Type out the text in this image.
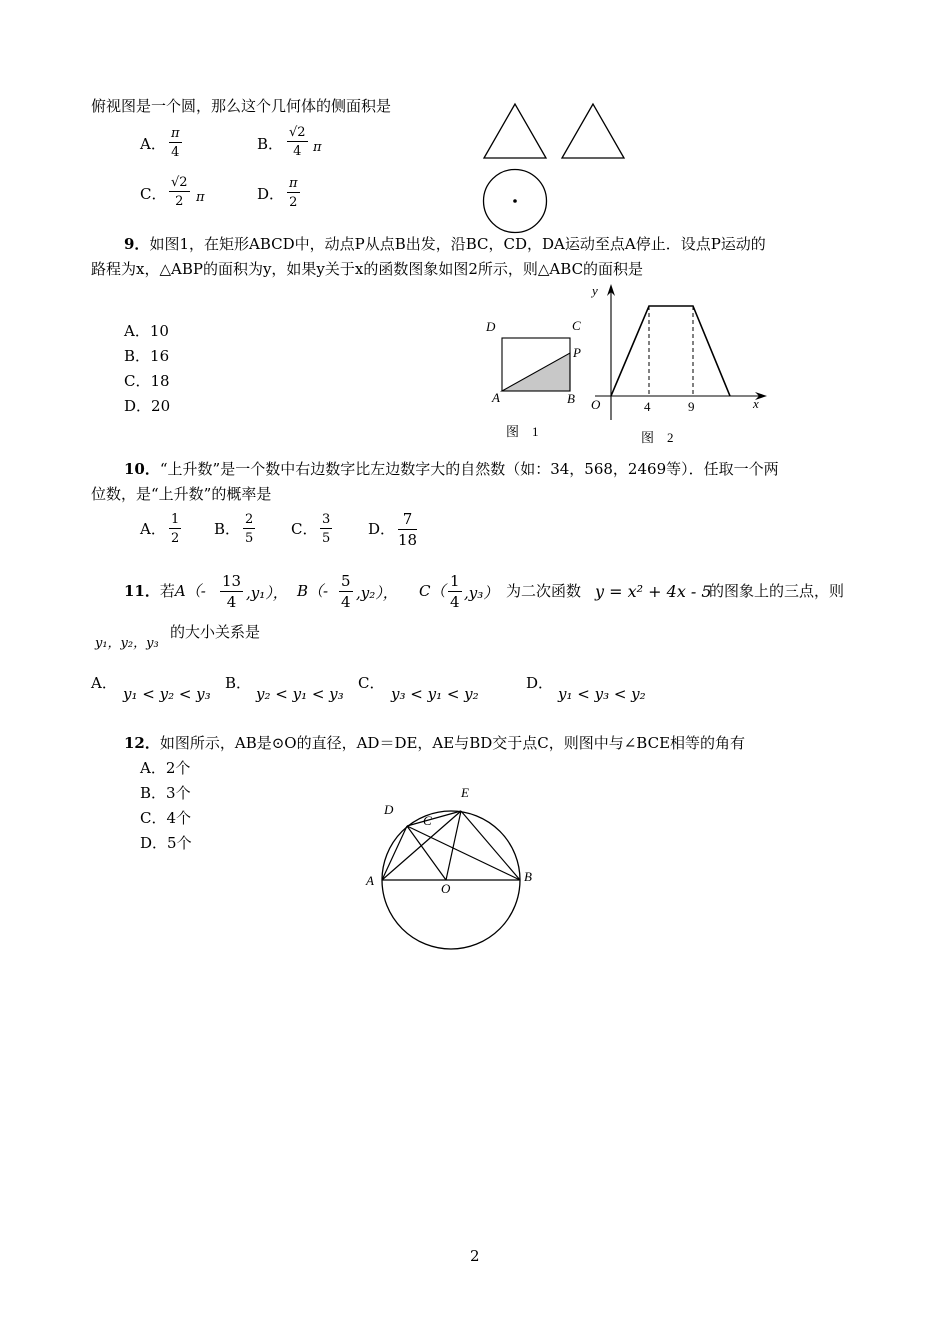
俯视图是一个圆，那么这个几何体的侧面积是
A． $\frac{\pi}{4}$	B． $\frac{√2}{4}$ π
C． $\frac{√2}{2}$ π	D． $\frac{\pi}{2}$
9．如图1，在矩形ABCD中，动点P从点B出发，沿BC，CD，DA运动至点A停止．设点P运动的
路程为x，△ABP的面积为y，如果y关于x的函数图象如图2所示，则△ABC的面积是
A．10
B．16
C．18
D．20
D	C
P
A	B
图　1
y
O	4	9	x
图　2
10．“上升数”是一个数中右边数字比左边数字大的自然数（如：34，568，2469等）．任取一个两
位数，是“上升数”的概率是
A． $\frac{1}{2}$ B． $\frac{2}{5}$ C． $\frac{3}{5}$ D． $\frac{7}{18}$
11．若$A(- \frac{13}{4} ,y_1)$， $B(- \frac{5}{4} ,y_2)$， $C( \frac{1}{4} ,y_3)$ 为二次函数 y = x² + 4x - 5
的图象上的三点，则
y₁，y₂，y₃
的大小关系是
A．
y₁ < y₂ < y₃
B．
y₂ < y₁ < y₃
C．
y₃ < y₁ < y₂
D．
y₁ < y₃ < y₂
12．如图所示，AB是⊙O的直径，AD＝DE，AE与BD交于点C，则图中与∠BCE相等的角有
A．2个
B．3个
C．4个
D．5个
D
E
C
A
O
B
2
